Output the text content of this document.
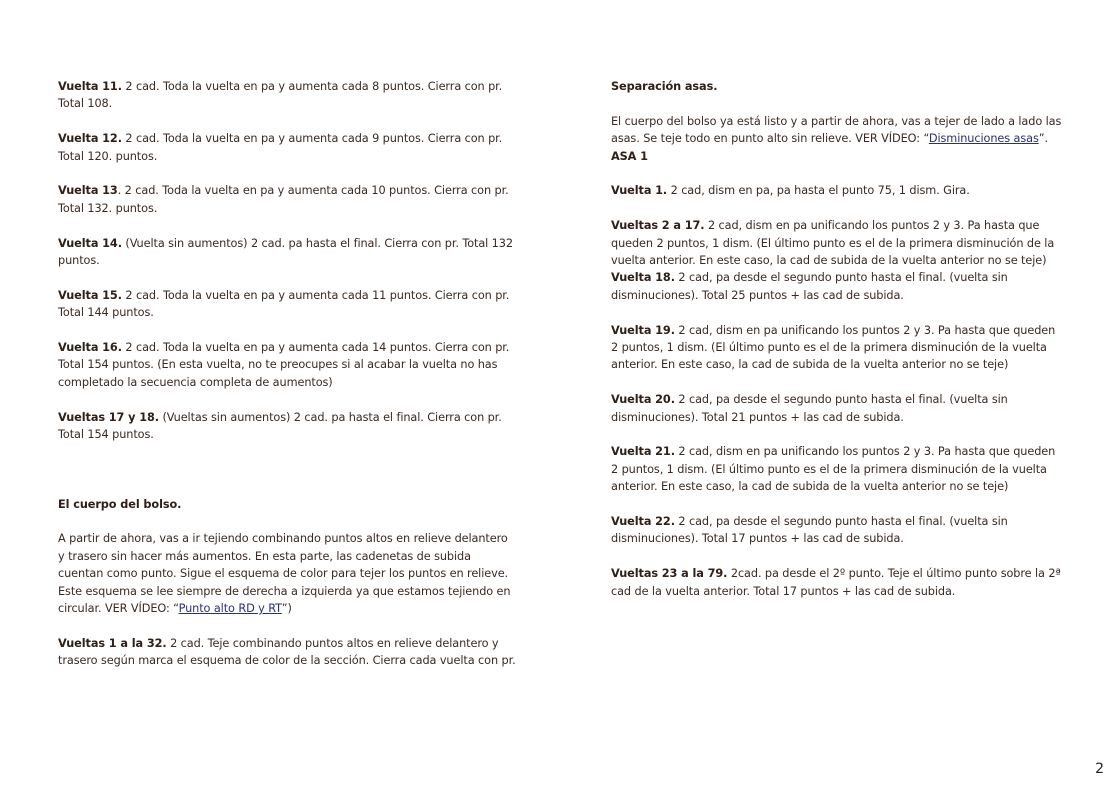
Vuelta 11. 2 cad. Toda la vuelta en pa y aumenta cada 8 puntos. Cierra con pr. Total 108.

Vuelta 12. 2 cad. Toda la vuelta en pa y aumenta cada 9 puntos. Cierra con pr. Total 120. puntos.

Vuelta 13. 2 cad. Toda la vuelta en pa y aumenta cada 10 puntos. Cierra con pr. Total 132. puntos.

Vuelta 14. (Vuelta sin aumentos) 2 cad. pa hasta el final. Cierra con pr. Total 132 puntos.

Vuelta 15. 2 cad. Toda la vuelta en pa y aumenta cada 11 puntos. Cierra con pr. Total 144 puntos.

Vuelta 16. 2 cad. Toda la vuelta en pa y aumenta cada 14 puntos. Cierra con pr. Total 154 puntos. (En esta vuelta, no te preocupes si al acabar la vuelta no has completado la secuencia completa de aumentos)

Vueltas 17 y 18. (Vueltas sin aumentos) 2 cad. pa hasta el final. Cierra con pr. Total 154 puntos.

El cuerpo del bolso.

A partir de ahora, vas a ir tejiendo combinando puntos altos en relieve delantero y trasero sin hacer más aumentos. En esta parte, las cadenetas de subida cuentan como punto. Sigue el esquema de color para tejer los puntos en relieve. Este esquema se lee siempre de derecha a izquierda ya que estamos tejiendo en circular. VER VÍDEO: “Punto alto RD y RT”)

Vueltas 1 a la 32. 2 cad. Teje combinando puntos altos en relieve delantero y trasero según marca el esquema de color de la sección. Cierra cada vuelta con pr.

Separación asas.

El cuerpo del bolso ya está listo y a partir de ahora, vas a tejer de lado a lado las asas. Se teje todo en punto alto sin relieve. VER VÍDEO: “Disminuciones asas”.

ASA 1

Vuelta 1. 2 cad, dism en pa, pa hasta el punto 75, 1 dism. Gira.

Vueltas 2 a 17. 2 cad, dism en pa unificando los puntos 2 y 3. Pa hasta que queden 2 puntos, 1 dism. (El último punto es el de la primera disminución de la vuelta anterior. En este caso, la cad de subida de la vuelta anterior no se teje)

Vuelta 18. 2 cad, pa desde el segundo punto hasta el final. (vuelta sin disminuciones). Total 25 puntos + las cad de subida.

Vuelta 19. 2 cad, dism en pa unificando los puntos 2 y 3. Pa hasta que queden 2 puntos, 1 dism. (El último punto es el de la primera disminución de la vuelta anterior. En este caso, la cad de subida de la vuelta anterior no se teje)

Vuelta 20. 2 cad, pa desde el segundo punto hasta el final. (vuelta sin disminuciones). Total 21 puntos + las cad de subida.

Vuelta 21. 2 cad, dism en pa unificando los puntos 2 y 3. Pa hasta que queden 2 puntos, 1 dism. (El último punto es el de la primera disminución de la vuelta anterior. En este caso, la cad de subida de la vuelta anterior no se teje)

Vuelta 22. 2 cad, pa desde el segundo punto hasta el final. (vuelta sin disminuciones). Total 17 puntos + las cad de subida.

Vueltas 23 a la 79. 2cad. pa desde el 2º punto. Teje el último punto sobre la 2ª cad de la vuelta anterior. Total 17 puntos + las cad de subida.

2
